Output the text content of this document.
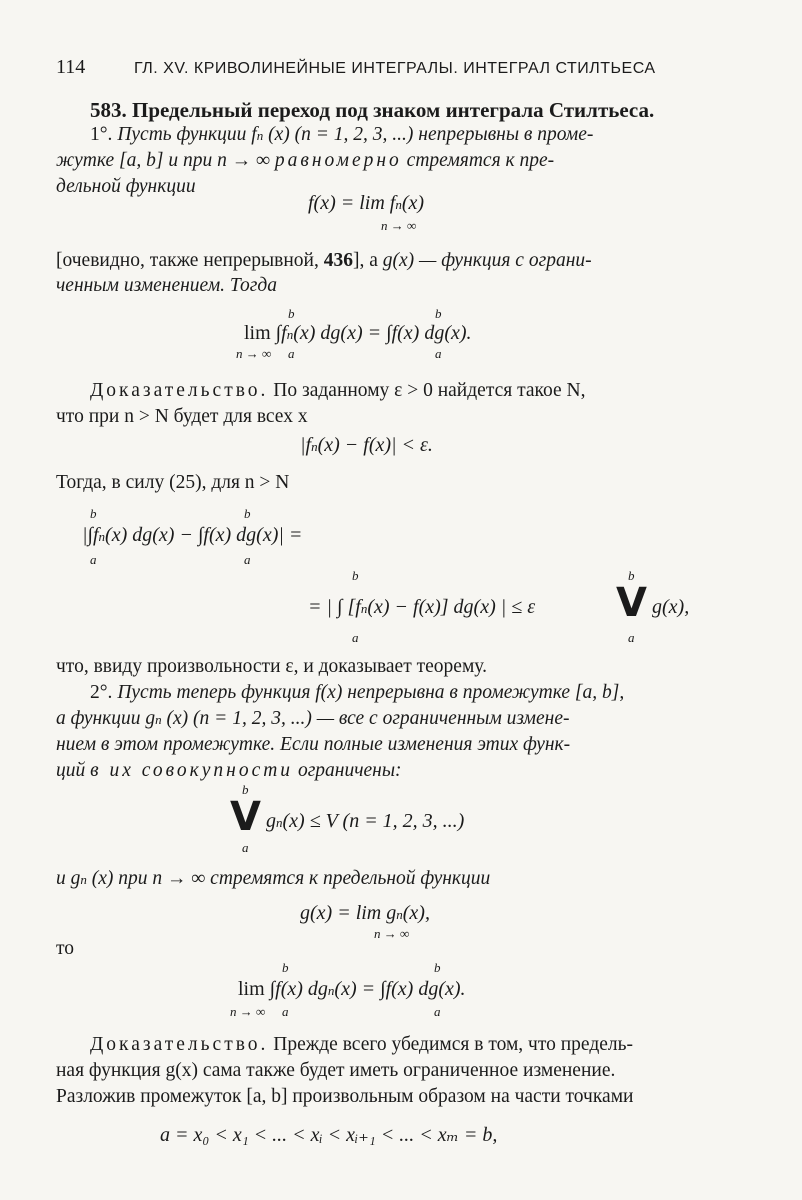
114	ГЛ. XV. КРИВОЛИНЕЙНЫЕ ИНТЕГРАЛЫ. ИНТЕГРАЛ СТИЛТЬЕСА
583. Предельный переход под знаком интеграла Стилтьеса.
1°. Пусть функции fn (x) (n = 1, 2, 3, ...) непрерывны в проме-
жутке [a, b] и при n → ∞ равномерно стремятся к пре-
дельной функции
f(x) = lim fn(x)
n → ∞
[очевидно, также непрерывной, 436], а g(x) — функция с ограни-
ченным изменением. Тогда
b	b
lim ∫fn(x) dg(x) = ∫f(x) dg(x).
n → ∞ a	a
Доказательство. По заданному ε > 0 найдется такое N,
что при n > N будет для всех x
|fn(x) − f(x)| < ε.
Тогда, в силу (25), для n > N
b	b
|∫fn(x) dg(x) − ∫f(x) dg(x)| =
a	a
b	b
= | ∫ [fn(x) − f(x)] dg(x) | ≤ ε V g(x),
a	a
что, ввиду произвольности ε, и доказывает теорему.
2°. Пусть теперь функция f(x) непрерывна в промежутке [a, b],
а функции gn (x) (n = 1, 2, 3, ...) — все с ограниченным измене-
нием в этом промежутке. Если полные изменения этих функ-
ций в их совокупности ограничены:
b
V gn(x) ≤ V (n = 1, 2, 3, ...)
a
и gn (x) при n → ∞ стремятся к предельной функции
g(x) = lim gn(x),
n → ∞
то
b	b
lim ∫f(x) dgn(x) = ∫f(x) dg(x).
n → ∞ a	a
Доказательство. Прежде всего убедимся в том, что предель-
ная функция g(x) сама также будет иметь ограниченное изменение.
Разложив промежуток [a, b] произвольным образом на части точками
a = x₀ < x₁ < ... < xᵢ < xᵢ₊₁ < ... < xₘ = b,
